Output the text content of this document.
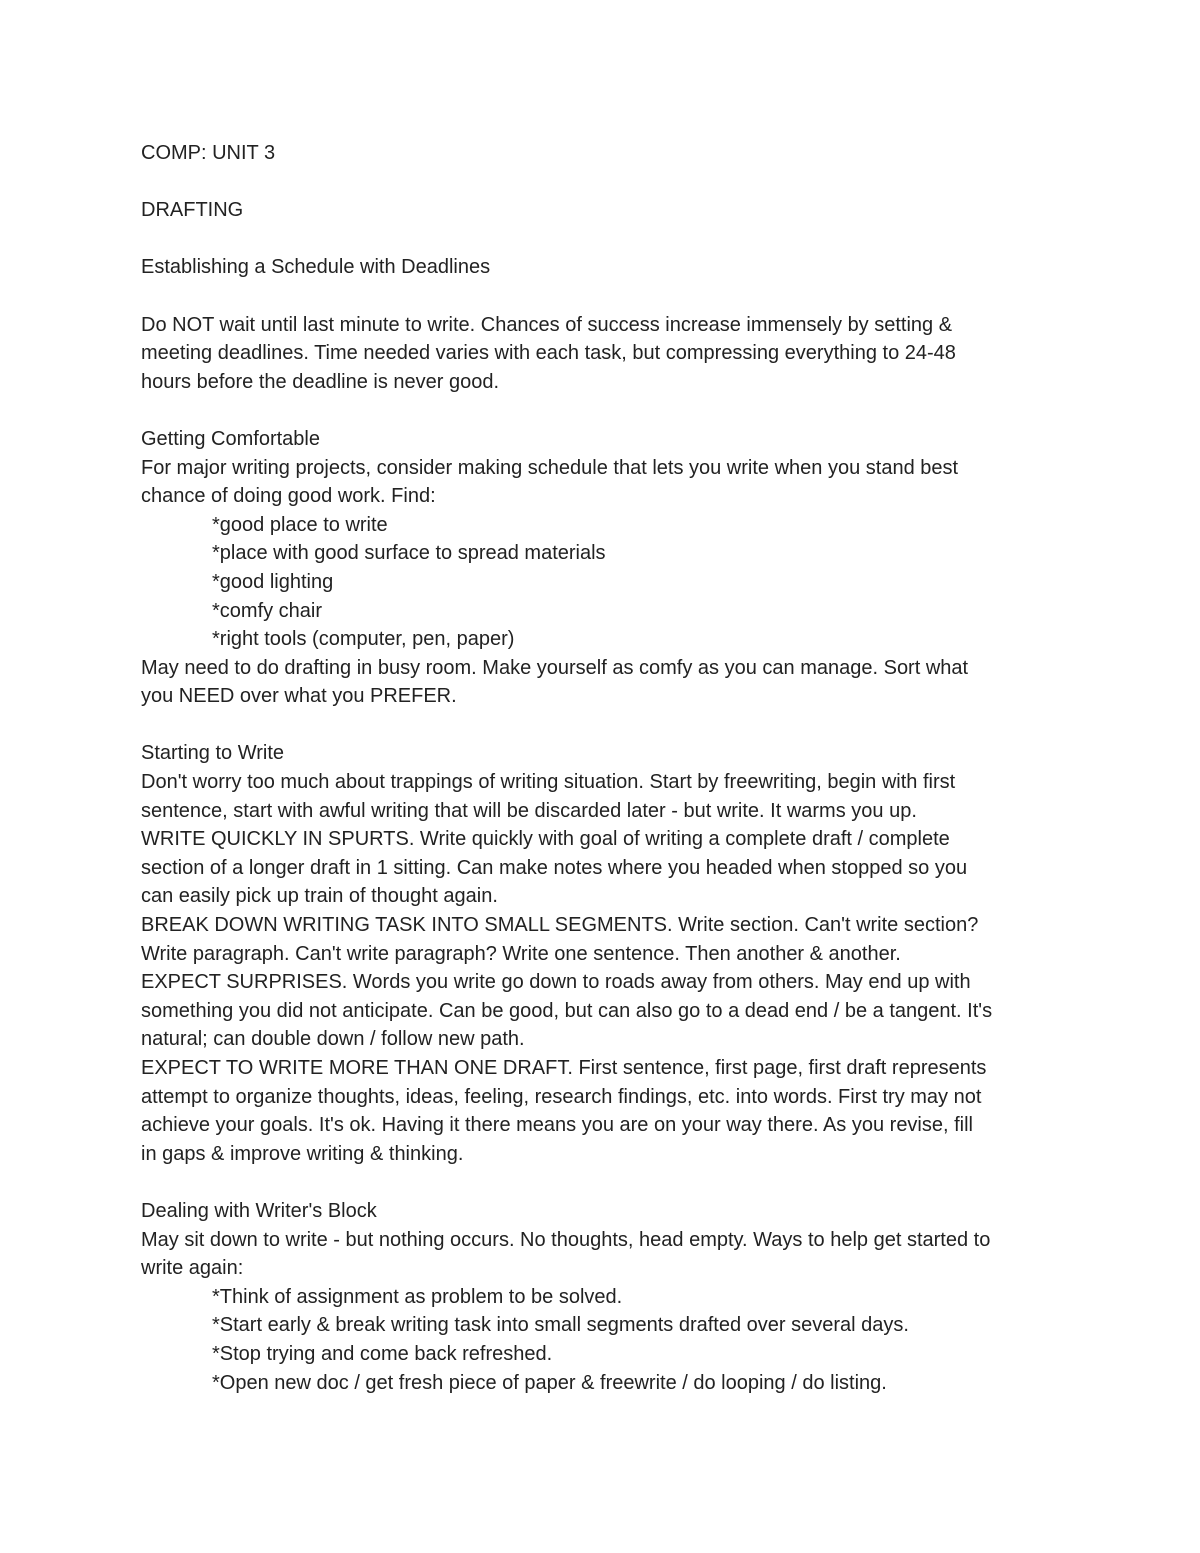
COMP: UNIT 3
DRAFTING
Establishing a Schedule with Deadlines
Do NOT wait until last minute to write. Chances of success increase immensely by setting &
meeting deadlines. Time needed varies with each task, but compressing everything to 24-48
hours before the deadline is never good.
Getting Comfortable
For major writing projects, consider making schedule that lets you write when you stand best
chance of doing good work. Find:
*good place to write
*place with good surface to spread materials
*good lighting
*comfy chair
*right tools (computer, pen, paper)
May need to do drafting in busy room. Make yourself as comfy as you can manage. Sort what
you NEED over what you PREFER.
Starting to Write
Don't worry too much about trappings of writing situation. Start by freewriting, begin with first
sentence, start with awful writing that will be discarded later - but write. It warms you up.
WRITE QUICKLY IN SPURTS. Write quickly with goal of writing a complete draft / complete
section of a longer draft in 1 sitting. Can make notes where you headed when stopped so you
can easily pick up train of thought again.
BREAK DOWN WRITING TASK INTO SMALL SEGMENTS. Write section. Can't write section?
Write paragraph. Can't write paragraph? Write one sentence. Then another & another.
EXPECT SURPRISES. Words you write go down to roads away from others. May end up with
something you did not anticipate. Can be good, but can also go to a dead end / be a tangent. It's
natural; can double down / follow new path.
EXPECT TO WRITE MORE THAN ONE DRAFT. First sentence, first page, first draft represents
attempt to organize thoughts, ideas, feeling, research findings, etc. into words. First try may not
achieve your goals. It's ok. Having it there means you are on your way there. As you revise, fill
in gaps & improve writing & thinking.
Dealing with Writer's Block
May sit down to write - but nothing occurs. No thoughts, head empty. Ways to help get started to
write again:
*Think of assignment as problem to be solved.
*Start early & break writing task into small segments drafted over several days.
*Stop trying and come back refreshed.
*Open new doc / get fresh piece of paper & freewrite / do looping / do listing.
